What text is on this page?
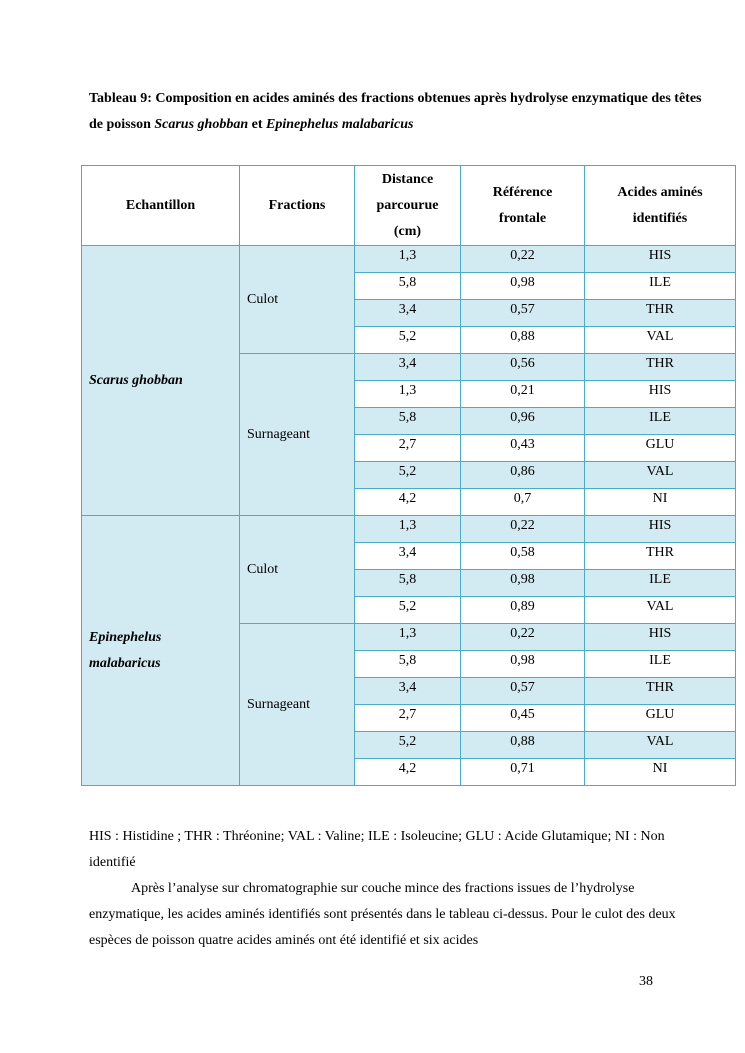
Tableau 9: Composition en acides aminés des fractions obtenues après hydrolyse enzymatique des têtes de poisson Scarus ghobban et Epinephelus malabaricus
Echantillon	Fractions	Distance parcourue (cm)	Référence frontale	Acides aminés identifiés
Scarus ghobban	Culot	1,3	0,22	HIS
		5,8	0,98	ILE
		3,4	0,57	THR
		5,2	0,88	VAL
	Surnageant	3,4	0,56	THR
		1,3	0,21	HIS
		5,8	0,96	ILE
		2,7	0,43	GLU
		5,2	0,86	VAL
		4,2	0,7	NI
Epinephelus malabaricus	Culot	1,3	0,22	HIS
		3,4	0,58	THR
		5,8	0,98	ILE
		5,2	0,89	VAL
	Surnageant	1,3	0,22	HIS
		5,8	0,98	ILE
		3,4	0,57	THR
		2,7	0,45	GLU
		5,2	0,88	VAL
		4,2	0,71	NI
HIS : Histidine ; THR : Thréonine; VAL : Valine; ILE : Isoleucine; GLU : Acide Glutamique; NI : Non identifié
Après l’analyse sur chromatographie sur couche mince des fractions issues de l’hydrolyse enzymatique, les acides aminés identifiés sont présentés dans le tableau ci-dessus. Pour le culot des deux espèces de poisson quatre acides aminés ont été identifié et six acides
38
